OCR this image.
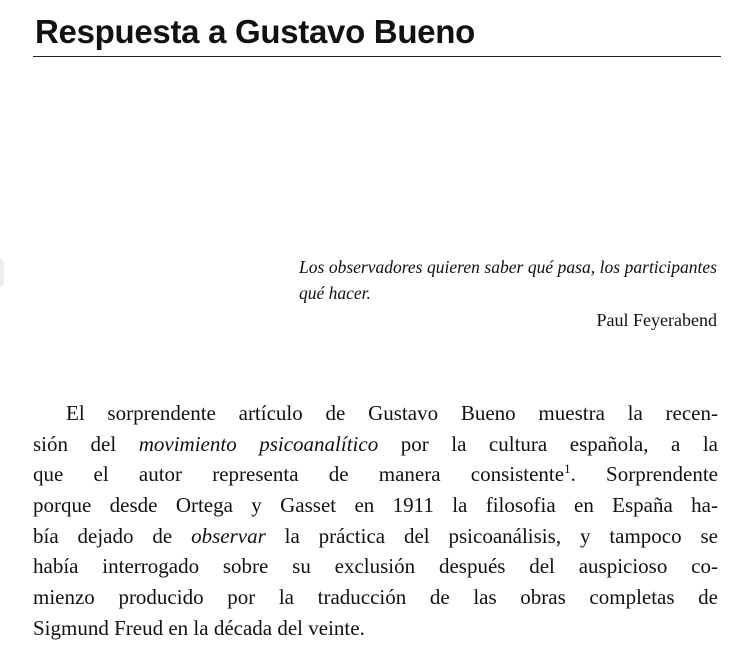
Respuesta a Gustavo Bueno

Los observadores quieren saber qué pasa, los participantes qué hacer.

Paul Feyerabend

El sorprendente artículo de Gustavo Bueno muestra la recen-
sión del movimiento psicoanalítico por la cultura española, a la
que el autor representa de manera consistente$^1$. Sorprendente
porque desde Ortega y Gasset en 1911 la filosofia en España ha-
bía dejado de observar la práctica del psicoanálisis, y tampoco se
había interrogado sobre su exclusión después del auspicioso co-
mienzo producido por la traducción de las obras completas de
Sigmund Freud en la década del veinte.
